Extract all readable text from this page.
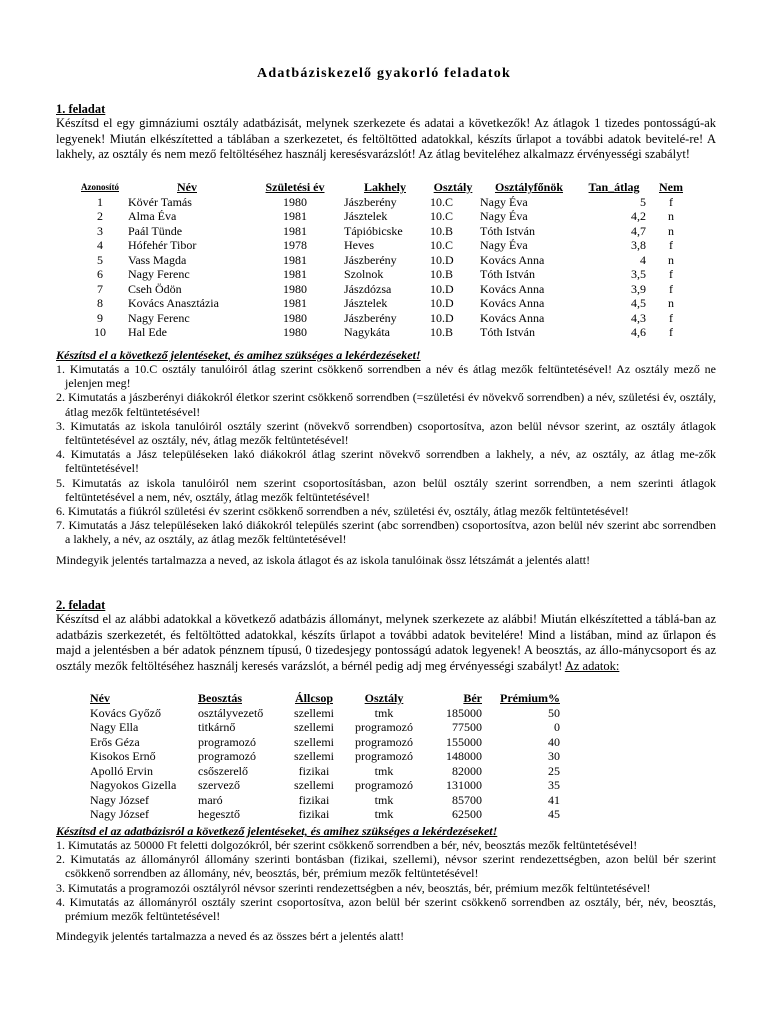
Adatbáziskezelő gyakorló feladatok
1. feladat
Készítsd el egy gimnáziumi osztály adatbázisát, melynek szerkezete és adatai a következők! Az átlagok 1 tizedes pontosságú-ak legyenek! Miután elkészítetted a táblában a szerkezetet, és feltöltötted adatokkal, készíts űrlapot a további adatok bevitelé-re! A lakhely, az osztály és nem mező feltöltéséhez használj keresésvarázslót! Az átlag beviteléhez alkalmazz érvényességi szabályt!
Azonosító	Név	Születési év	Lakhely	Osztály	Osztályfőnök	Tan_átlag	Nem
1	Kövér Tamás	1980	Jászberény	10.C	Nagy Éva	5	f
2	Alma Éva	1981	Jásztelek	10.C	Nagy Éva	4,2	n
3	Paál Tünde	1981	Tápióbicske	10.B	Tóth István	4,7	n
4	Hófehér Tibor	1978	Heves	10.C	Nagy Éva	3,8	f
5	Vass Magda	1981	Jászberény	10.D	Kovács Anna	4	n
6	Nagy Ferenc	1981	Szolnok	10.B	Tóth István	3,5	f
7	Cseh Ödön	1980	Jászdózsa	10.D	Kovács Anna	3,9	f
8	Kovács Anasztázia	1981	Jásztelek	10.D	Kovács Anna	4,5	n
9	Nagy Ferenc	1980	Jászberény	10.D	Kovács Anna	4,3	f
10	Hal Ede	1980	Nagykáta	10.B	Tóth István	4,6	f
Készítsd el a következő jelentéseket, és amihez szükséges a lekérdezéseket!
1. Kimutatás a 10.C osztály tanulóiról átlag szerint csökkenő sorrendben a név és átlag mezők feltüntetésével! Az osztály mező ne jelenjen meg!
2. Kimutatás a jászberényi diákokról életkor szerint csökkenő sorrendben (=születési év növekvő sorrendben) a név, születési év, osztály, átlag mezők feltüntetésével!
3. Kimutatás az iskola tanulóiról osztály szerint (növekvő sorrendben) csoportosítva, azon belül névsor szerint, az osztály átlagok feltüntetésével az osztály, név, átlag mezők feltüntetésével!
4. Kimutatás a Jász településeken lakó diákokról átlag szerint növekvő sorrendben a lakhely, a név, az osztály, az átlag me-zők feltüntetésével!
5. Kimutatás az iskola tanulóiról nem szerint csoportosításban, azon belül osztály szerint sorrendben, a nem szerinti átlagok feltüntetésével a nem, név, osztály, átlag mezők feltüntetésével!
6. Kimutatás a fiúkról születési év szerint csökkenő sorrendben a név, születési év, osztály, átlag mezők feltüntetésével!
7. Kimutatás a Jász településeken lakó diákokról település szerint (abc sorrendben) csoportosítva, azon belül név szerint abc sorrendben a lakhely, a név, az osztály, az átlag mezők feltüntetésével!
Mindegyik jelentés tartalmazza a neved, az iskola átlagot és az iskola tanulóinak össz létszámát a jelentés alatt!
2. feladat
Készítsd el az alábbi adatokkal a következő adatbázis állományt, melynek szerkezete az alábbi! Miután elkészítetted a táblá-ban az adatbázis szerkezetét, és feltöltötted adatokkal, készíts űrlapot a további adatok bevitelére! Mind a listában, mind az űrlapon és majd a jelentésben a bér adatok pénznem típusú, 0 tizedesjegy pontosságú adatok legyenek! A beosztás, az állo-mánycsoport és az osztály mezők feltöltéséhez használj keresés varázslót, a bérnél pedig adj meg érvényességi szabályt! Az adatok:
Név	Beosztás	Állcsop	Osztály	Bér	Prémium%
Kovács Győző	osztályvezető	szellemi	tmk	185000	50
Nagy Ella	titkárnő	szellemi	programozó	77500	0
Erős Géza	programozó	szellemi	programozó	155000	40
Kisokos Ernő	programozó	szellemi	programozó	148000	30
Apolló Ervin	csőszerelő	fizikai	tmk	82000	25
Nagyokos Gizella	szervező	szellemi	programozó	131000	35
Nagy József	maró	fizikai	tmk	85700	41
Nagy József	hegesztő	fizikai	tmk	62500	45
Készítsd el az adatbázisról a következő jelentéseket, és amihez szükséges a lekérdezéseket!
1. Kimutatás az 50000 Ft feletti dolgozókról, bér szerint csökkenő sorrendben a bér, név, beosztás mezők feltüntetésével!
2. Kimutatás az állományról állomány szerinti bontásban (fizikai, szellemi), névsor szerint rendezettségben, azon belül bér szerint csökkenő sorrendben az állomány, név, beosztás, bér, prémium mezők feltüntetésével!
3. Kimutatás a programozói osztályról névsor szerinti rendezettségben a név, beosztás, bér, prémium mezők feltüntetésével!
4. Kimutatás az állományról osztály szerint csoportosítva, azon belül bér szerint csökkenő sorrendben az osztály, bér, név, beosztás, prémium mezők feltüntetésével!
Mindegyik jelentés tartalmazza a neved és az összes bért a jelentés alatt!
